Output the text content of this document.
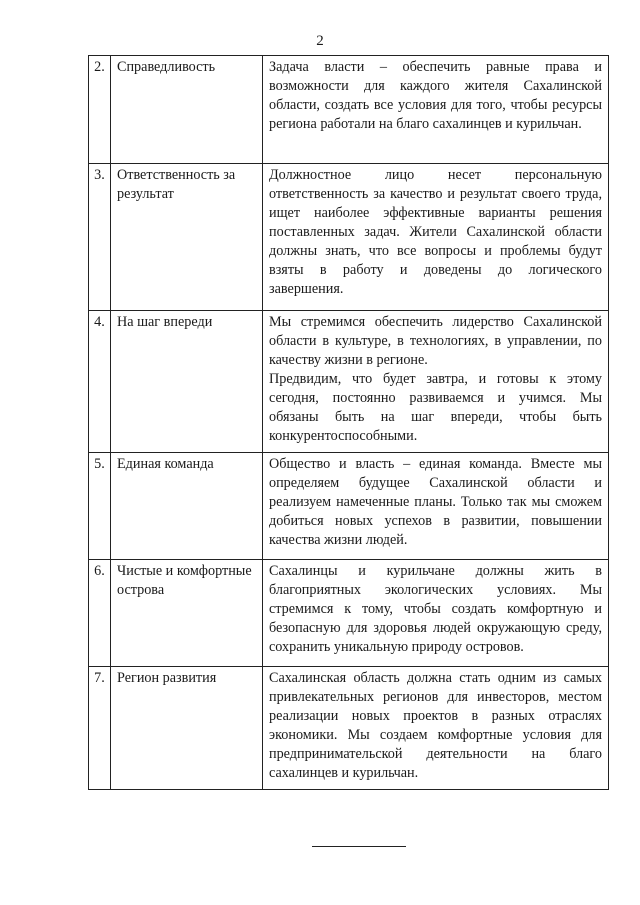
2
2.	Справедливость	Задача власти – обеспечить равные права и возможности для каждого жителя Сахалинской области, создать все условия для того, чтобы ресурсы региона работали на благо сахалинцев и курильчан.

3.	Ответственность за результат	Должностное лицо несет персональную ответственность за качество и результат своего труда, ищет наиболее эффективные варианты решения поставленных задач. Жители Сахалинской области должны знать, что все вопросы и проблемы будут взяты в работу и доведены до логического завершения.

4.	На шаг впереди	Мы стремимся обеспечить лидерство Сахалинской области в культуре, в технологиях, в управлении, по качеству жизни в регионе.

Предвидим, что будет завтра, и готовы к этому сегодня, постоянно развиваемся и учимся. Мы обязаны быть на шаг впереди, чтобы быть конкурентоспособными.

5.	Единая команда	Общество и власть – единая команда. Вместе мы определяем будущее Сахалинской области и реализуем намеченные планы. Только так мы сможем добиться новых успехов в развитии, повышении качества жизни людей.

6.	Чистые и комфортные острова	Сахалинцы и курильчане должны жить в благоприятных экологических условиях. Мы стремимся к тому, чтобы создать комфортную и безопасную для здоровья людей окружающую среду, сохранить уникальную природу островов.

7.	Регион развития	Сахалинская область должна стать одним из самых привлекательных регионов для инвесторов, местом реализации новых проектов в разных отраслях экономики. Мы создаем комфортные условия для предпринимательской деятельности на благо сахалинцев и курильчан.
